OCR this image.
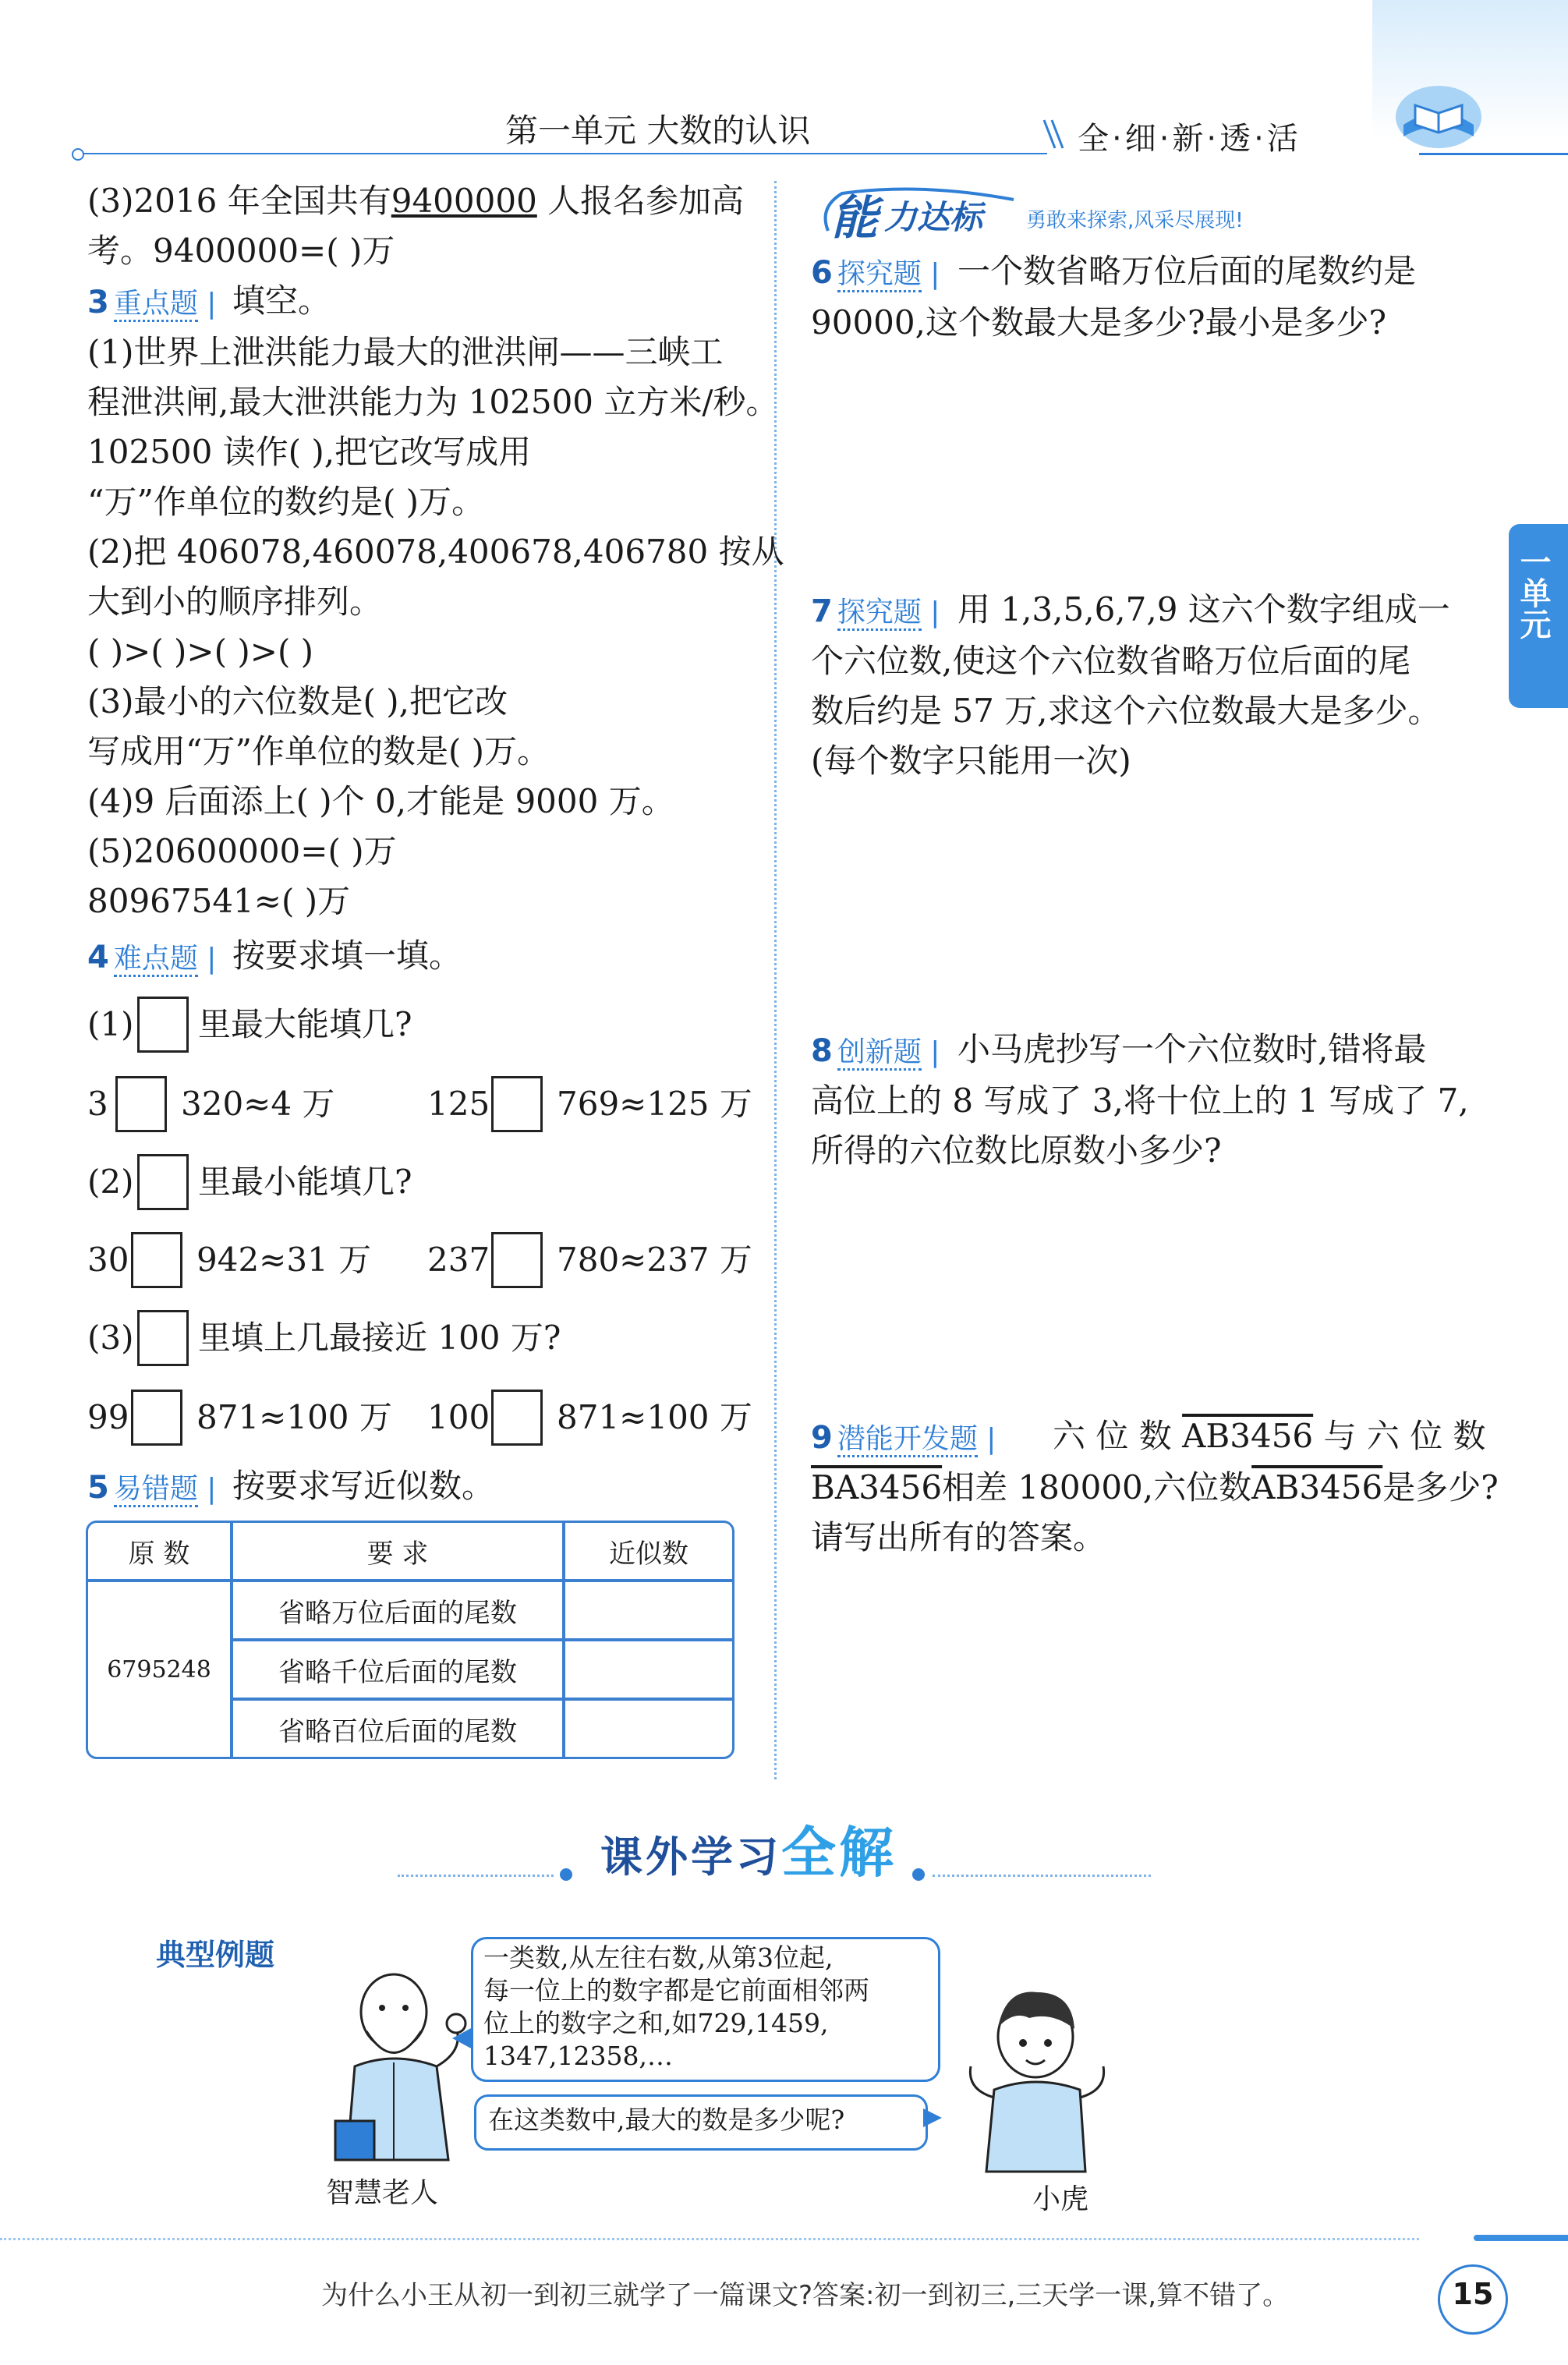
第一单元 大数的认识	全·细·新·透·活
一单元
(3)2016 年全国共有9400000 人报名参加高
考。9400000=( )万
3 重点题 | 填空。
(1)世界上泄洪能力最大的泄洪闸——三峡工
程泄洪闸,最大泄洪能力为 102500 立方米/秒。
102500 读作( ),把它改写成用
“万”作单位的数约是( )万。
(2)把 406078,460078,400678,406780 按从
大到小的顺序排列。
( )>( )>( )>( )
(3)最小的六位数是( ),把它改
写成用“万”作单位的数是( )万。
(4)9 后面添上( )个 0,才能是 9000 万。
(5)20600000=( )万
80967541≈( )万
4 难点题 | 按要求填一填。
(1) 里最大能填几?
3 320≈4 万	125 769≈125 万
(2) 里最小能填几?
30 942≈31 万 237 780≈237 万
(3) 里填上几最接近 100 万?
99 871≈100 万 100 871≈100 万
5 易错题 | 按要求写近似数。
原 数	要 求	近似数
6795248	省略万位后面的尾数	
	省略千位后面的尾数	
	省略百位后面的尾数	
能 力达标 勇敢来探索,风采尽展现!
6 探究题 | 一个数省略万位后面的尾数约是
90000,这个数最大是多少?最小是多少?
7 探究题 | 用 1,3,5,6,7,9 这六个数字组成一
个六位数,使这个六位数省略万位后面的尾
数后约是 57 万,求这个六位数最大是多少。
(每个数字只能用一次)
8 创新题 | 小马虎抄写一个六位数时,错将最
高位上的 8 写成了 3,将十位上的 1 写成了 7,
所得的六位数比原数小多少?
9 潜能开发题 | 六 位 数 AB3456 与 六 位 数
BA3456相差 180000,六位数AB3456是多少?
请写出所有的答案。
课外学习全解
典型例题
智慧老人
一类数,从左往右数,从第3位起,
每一位上的数字都是它前面相邻两
位上的数字之和,如729,1459,
1347,12358,…
在这类数中,最大的数是多少呢?
小虎
为什么小王从初一到初三就学了一篇课文?答案:初一到初三,三天学一课,算不错了。	15
